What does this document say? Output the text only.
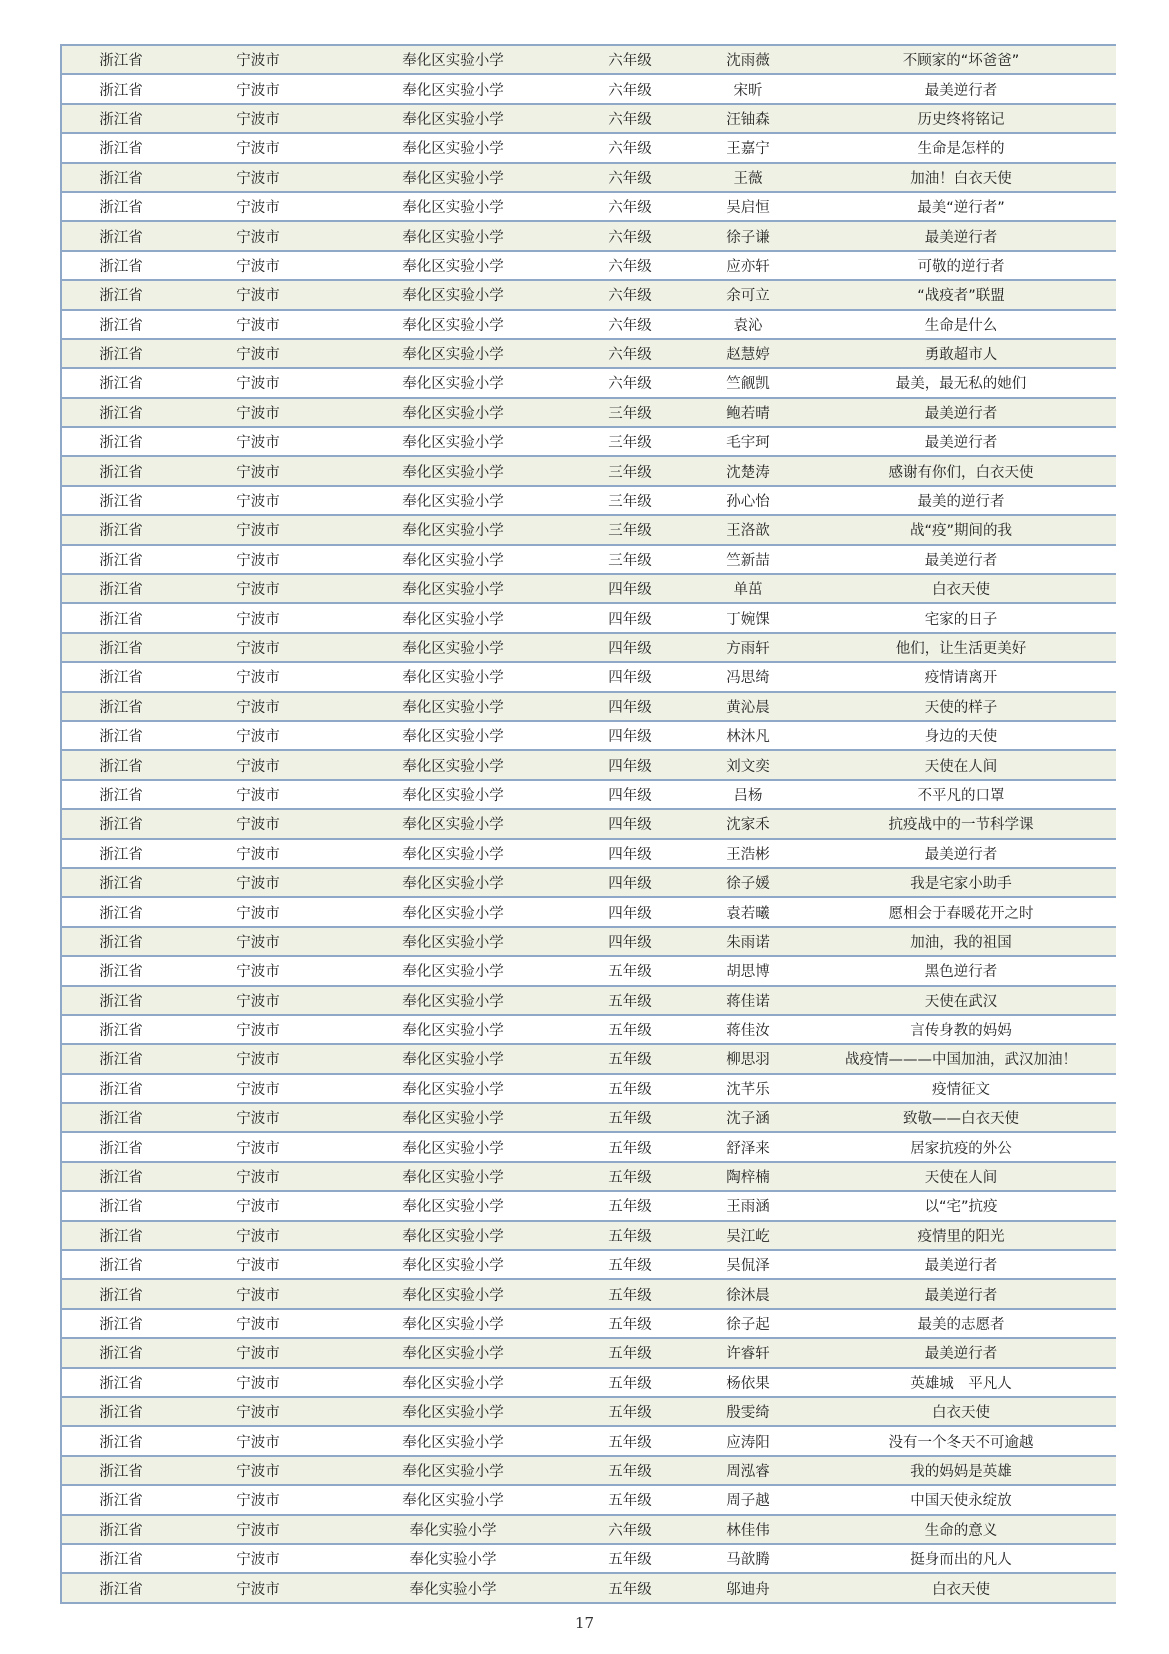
浙江省	宁波市	奉化区实验小学	六年级	沈雨薇	不顾家的“坏爸爸”
浙江省	宁波市	奉化区实验小学	六年级	宋昕	最美逆行者
浙江省	宁波市	奉化区实验小学	六年级	汪铀森	历史终将铭记
浙江省	宁波市	奉化区实验小学	六年级	王嘉宁	生命是怎样的
浙江省	宁波市	奉化区实验小学	六年级	王薇	加油！白衣天使
浙江省	宁波市	奉化区实验小学	六年级	吴启恒	最美“逆行者”
浙江省	宁波市	奉化区实验小学	六年级	徐子谦	最美逆行者
浙江省	宁波市	奉化区实验小学	六年级	应亦轩	可敬的逆行者
浙江省	宁波市	奉化区实验小学	六年级	余可立	“战疫者”联盟
浙江省	宁波市	奉化区实验小学	六年级	袁沁	生命是什么
浙江省	宁波市	奉化区实验小学	六年级	赵慧婷	勇敢超市人
浙江省	宁波市	奉化区实验小学	六年级	竺觎凯	最美，最无私的她们
浙江省	宁波市	奉化区实验小学	三年级	鲍若晴	最美逆行者
浙江省	宁波市	奉化区实验小学	三年级	毛宇珂	最美逆行者
浙江省	宁波市	奉化区实验小学	三年级	沈楚涛	感谢有你们，白衣天使
浙江省	宁波市	奉化区实验小学	三年级	孙心怡	最美的逆行者
浙江省	宁波市	奉化区实验小学	三年级	王洛歆	战“疫”期间的我
浙江省	宁波市	奉化区实验小学	三年级	竺新喆	最美逆行者
浙江省	宁波市	奉化区实验小学	四年级	单茁	白衣天使
浙江省	宁波市	奉化区实验小学	四年级	丁婉馃	宅家的日子
浙江省	宁波市	奉化区实验小学	四年级	方雨轩	他们，让生活更美好
浙江省	宁波市	奉化区实验小学	四年级	冯思绮	疫情请离开
浙江省	宁波市	奉化区实验小学	四年级	黄沁晨	天使的样子
浙江省	宁波市	奉化区实验小学	四年级	林沐凡	身边的天使
浙江省	宁波市	奉化区实验小学	四年级	刘文奕	天使在人间
浙江省	宁波市	奉化区实验小学	四年级	吕杨	不平凡的口罩
浙江省	宁波市	奉化区实验小学	四年级	沈家禾	抗疫战中的一节科学课
浙江省	宁波市	奉化区实验小学	四年级	王浩彬	最美逆行者
浙江省	宁波市	奉化区实验小学	四年级	徐子媛	我是宅家小助手
浙江省	宁波市	奉化区实验小学	四年级	袁若曦	愿相会于春暖花开之时
浙江省	宁波市	奉化区实验小学	四年级	朱雨诺	加油，我的祖国
浙江省	宁波市	奉化区实验小学	五年级	胡思博	黑色逆行者
浙江省	宁波市	奉化区实验小学	五年级	蒋佳诺	天使在武汉
浙江省	宁波市	奉化区实验小学	五年级	蒋佳汝	言传身教的妈妈
浙江省	宁波市	奉化区实验小学	五年级	柳思羽	战疫情———中国加油，武汉加油！
浙江省	宁波市	奉化区实验小学	五年级	沈芊乐	疫情征文
浙江省	宁波市	奉化区实验小学	五年级	沈子涵	致敬——白衣天使
浙江省	宁波市	奉化区实验小学	五年级	舒泽来	居家抗疫的外公
浙江省	宁波市	奉化区实验小学	五年级	陶梓楠	天使在人间
浙江省	宁波市	奉化区实验小学	五年级	王雨涵	以“宅”抗疫
浙江省	宁波市	奉化区实验小学	五年级	吴江屹	疫情里的阳光
浙江省	宁波市	奉化区实验小学	五年级	吴侃泽	最美逆行者
浙江省	宁波市	奉化区实验小学	五年级	徐沐晨	最美逆行者
浙江省	宁波市	奉化区实验小学	五年级	徐子起	最美的志愿者
浙江省	宁波市	奉化区实验小学	五年级	许睿轩	最美逆行者
浙江省	宁波市	奉化区实验小学	五年级	杨依果	英雄城　平凡人
浙江省	宁波市	奉化区实验小学	五年级	殷雯绮	白衣天使
浙江省	宁波市	奉化区实验小学	五年级	应涛阳	没有一个冬天不可逾越
浙江省	宁波市	奉化区实验小学	五年级	周泓睿	我的妈妈是英雄
浙江省	宁波市	奉化区实验小学	五年级	周子越	中国天使永绽放
浙江省	宁波市	奉化实验小学	六年级	林佳伟	生命的意义
浙江省	宁波市	奉化实验小学	五年级	马歆腾	挺身而出的凡人
浙江省	宁波市	奉化实验小学	五年级	邬迪舟	白衣天使
17
